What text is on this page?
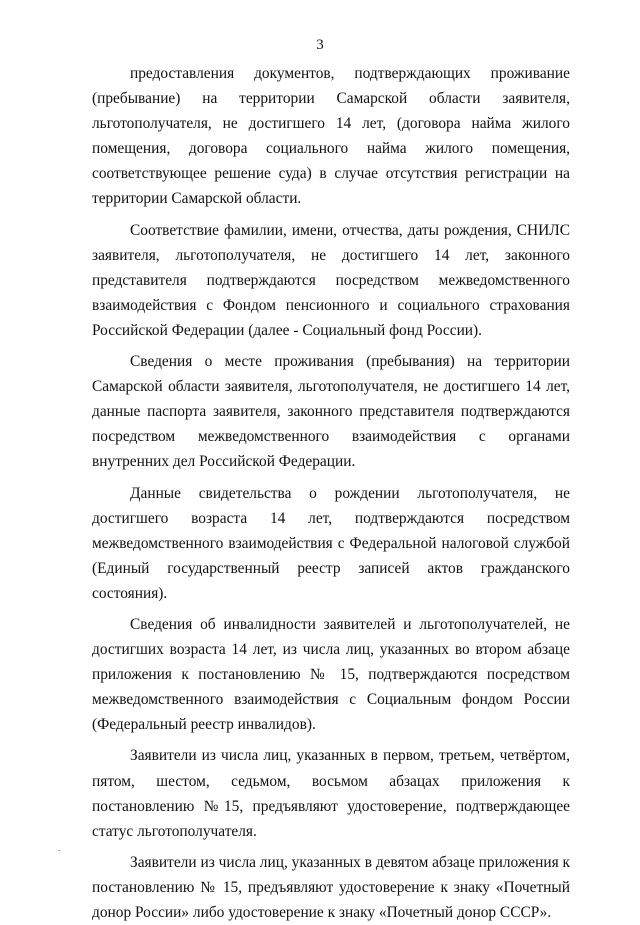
3

предоставления документов, подтверждающих проживание (пребывание) на территории Самарской области заявителя, льготополучателя, не достигшего 14 лет, (договора найма жилого помещения, договора социального найма жилого помещения, соответствующее решение суда) в случае отсутствия регистрации на территории Самарской области.

Соответствие фамилии, имени, отчества, даты рождения, СНИЛС заявителя, льготополучателя, не достигшего 14 лет, законного представителя подтверждаются посредством межведомственного взаимодействия с Фондом пенсионного и социального страхования Российской Федерации (далее - Социальный фонд России).

Сведения о месте проживания (пребывания) на территории Самарской области заявителя, льготополучателя, не достигшего 14 лет, данные паспорта заявителя, законного представителя подтверждаются посредством межведомственного взаимодействия с органами внутренних дел Российской Федерации.

Данные свидетельства о рождении льготополучателя, не достигшего возраста 14 лет, подтверждаются посредством межведомственного взаимодействия с Федеральной налоговой службой (Единый государственный реестр записей актов гражданского состояния).

Сведения об инвалидности заявителей и льготополучателей, не достигших возраста 14 лет, из числа лиц, указанных во втором абзаце приложения к постановлению № 15, подтверждаются посредством межведомственного взаимодействия с Социальным фондом России (Федеральный реестр инвалидов).

Заявители из числа лиц, указанных в первом, третьем, четвёртом, пятом, шестом, седьмом, восьмом абзацах приложения к постановлению №15, предъявляют удостоверение, подтверждающее статус льготополучателя.

Заявители из числа лиц, указанных в девятом абзаце приложения к постановлению № 15, предъявляют удостоверение к знаку «Почетный донор России» либо удостоверение к знаку «Почетный донор СССР».

.
